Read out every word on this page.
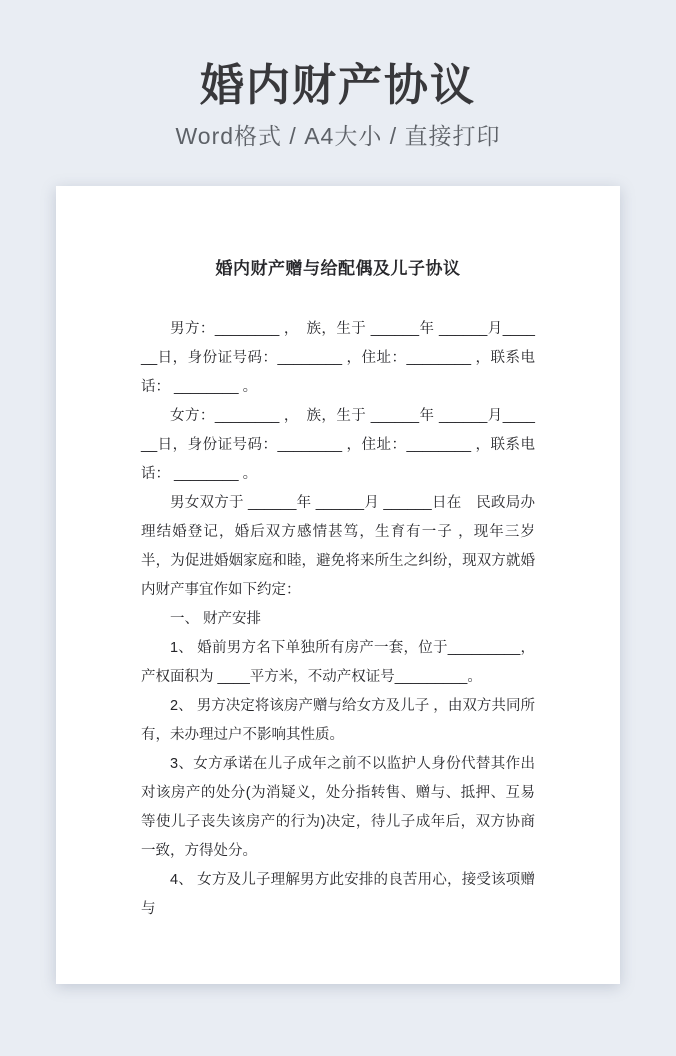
婚内财产协议
Word格式 / A4大小 / 直接打印
婚内财产赠与给配偶及儿子协议

男方：________ ，　族，生于 ______年 ______月______日，身份证号码：________ ，住址：________ ，联系电话： ________ 。

女方：________ ，　族，生于 ______年 ______月______日，身份证号码：________ ，住址：________ ，联系电话： ________ 。

男女双方于 ______年 ______月 ______日在　民政局办理结婚登记，婚后双方感情甚笃，生育有一子 ，现年三岁半，为促进婚姻家庭和睦，避免将来所生之纠纷，现双方就婚内财产事宜作如下约定：

一、 财产安排

1、 婚前男方名下单独所有房产一套，位于_________，产权面积为 ____平方米，不动产权证号_________。

2、 男方决定将该房产赠与给女方及儿子 ，由双方共同所有，未办理过户不影响其性质。

3、女方承诺在儿子成年之前不以监护人身份代替其作出对该房产的处分(为消疑义，处分指转售、赠与、抵押、互易等使儿子丧失该房产的行为)决定，待儿子成年后，双方协商一致，方得处分。

4、 女方及儿子理解男方此安排的良苦用心，接受该项赠与
